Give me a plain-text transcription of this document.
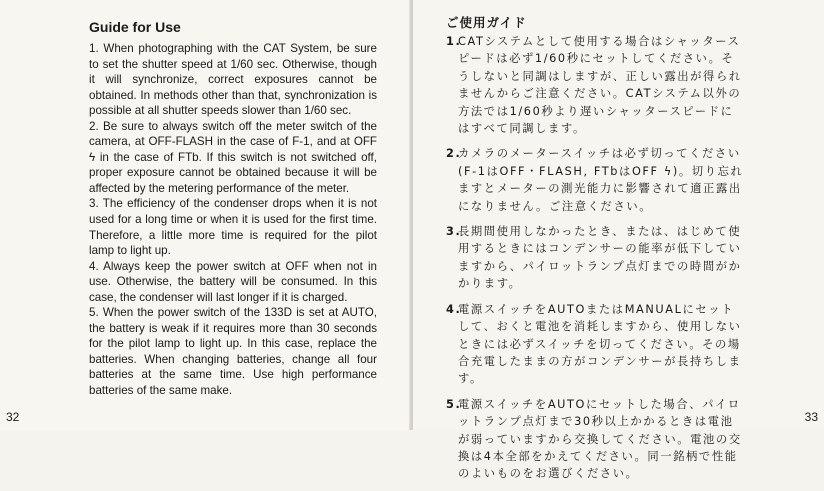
Guide for Use

1. When photographing with the CAT System, be sure to set the shutter speed at 1/60 sec. Otherwise, though it will synchronize, correct exposures cannot be obtained. In methods other than that, synchronization is possible at all shutter speeds slower than 1/60 sec.

2. Be sure to always switch off the meter switch of the camera, at OFF-FLASH in the case of F-1, and at OFF ϟ in the case of FTb. If this switch is not switched off, proper exposure cannot be obtained because it will be affected by the metering performance of the meter.

3. The efficiency of the condenser drops when it is not used for a long time or when it is used for the first time. Therefore, a little more time is required for the pilot lamp to light up.

4. Always keep the power switch at OFF when not in use. Otherwise, the battery will be consumed. In this case, the condenser will last longer if it is charged.

5. When the power switch of the 133D is set at AUTO, the battery is weak if it requires more than 30 seconds for the pilot lamp to light up. In this case, replace the batteries. When changing batteries, change all four batteries at the same time. Use high performance batteries of the same make.

32
ご使用ガイド
1.
CATシステムとして使用する場合はシャッタースピードは必ず1/60秒にセットしてください。そうしないと同調はしますが、正しい露出が得られませんからご注意ください。CATシステム以外の方法では1/60秒より遅いシャッタースピードにはすべて同調します。
2.
カメラのメータースイッチは必ず切ってください(F-1はOFF・FLASH, FTbはOFF ϟ)。切り忘れますとメーターの測光能力に影響されて適正露出になりません。ご注意ください。
3.
長期間使用しなかったとき、または、はじめて使用するときにはコンデンサーの能率が低下していますから、パイロットランプ点灯までの時間がかかります。
4.
電源スイッチをAUTOまたはMANUALにセットして、おくと電池を消耗しますから、使用しないときには必ずスイッチを切ってください。その場合充電したままの方がコンデンサーが長持ちします。
5.
電源スイッチをAUTOにセットした場合、パイロットランプ点灯まで30秒以上かかるときは電池が弱っていますから交換してください。電池の交換は4本全部をかえてください。同一銘柄で性能のよいものをお選びください。
33
